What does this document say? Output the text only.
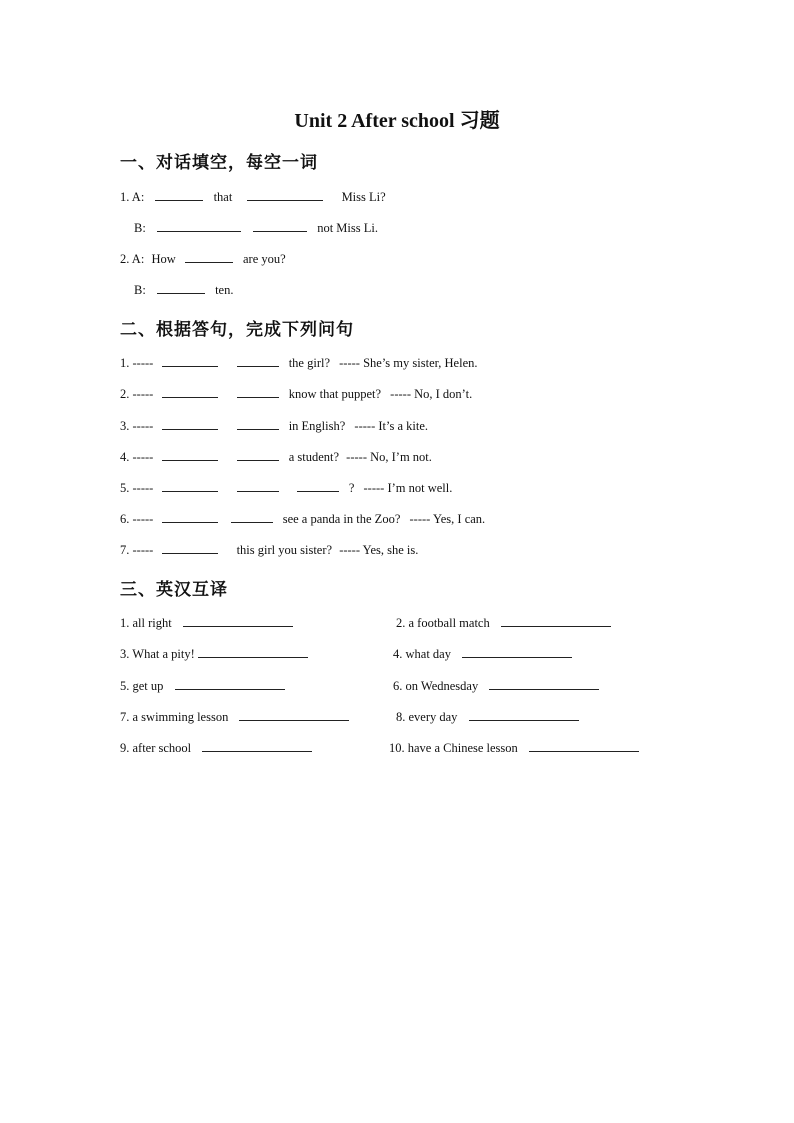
Unit 2 After school 习题
一、对话填空，每空一词
1. A:	that	Miss Li?
B:	not Miss Li.
2. A: How	are you?
B:	ten.
二、根据答句，完成下列问句
1. -----	the girl? ----- She’s my sister, Helen.
2. -----	know that puppet? ----- No, I don’t.
3. -----	in English? ----- It’s a kite.
4. -----	a student? ----- No, I’m not.
5. -----	? ----- I’m not well.
6. -----	see a panda in the Zoo? ----- Yes, I can.
7. -----	this girl you sister? ----- Yes, she is.
三、英汉互译
1. all right	2. a football match
3. What a pity!	4. what day
5. get up	6. on Wednesday
7. a swimming lesson	8. every day
9. after school	10. have a Chinese lesson
